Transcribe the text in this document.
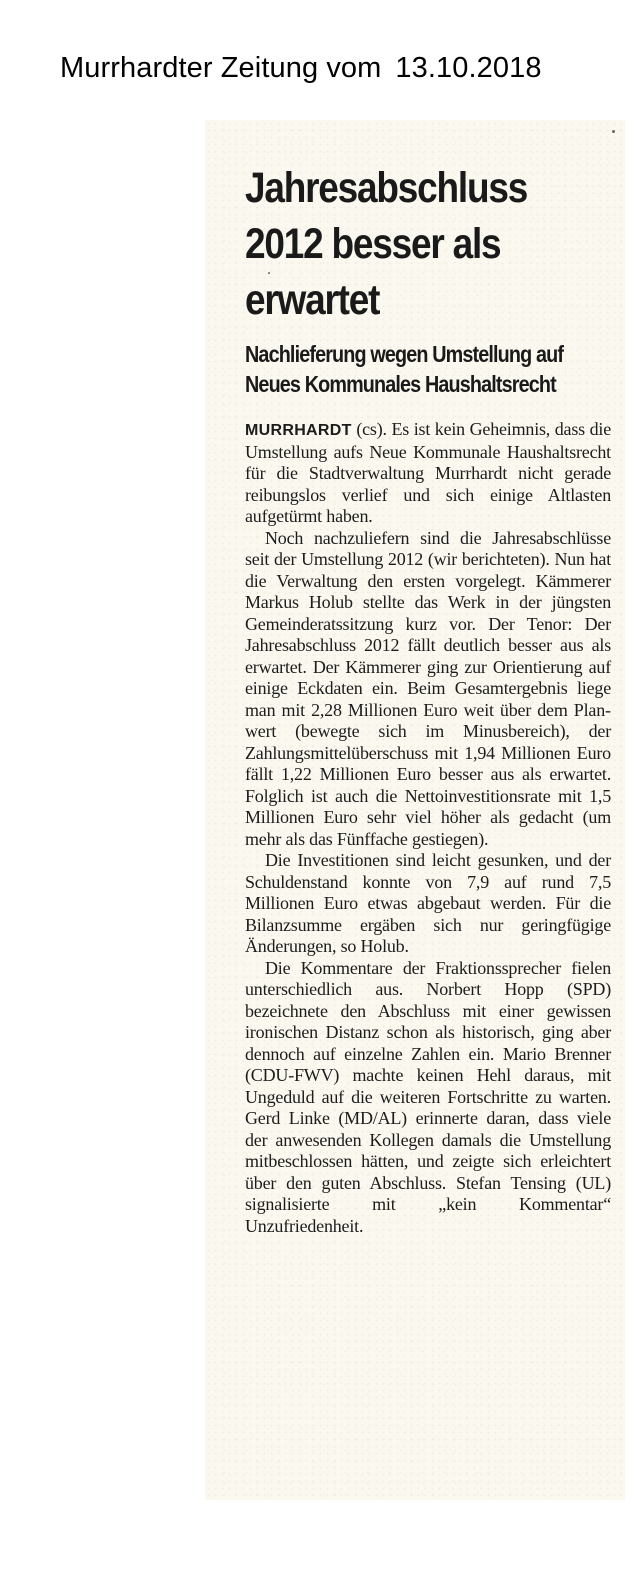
Murrhardter Zeitung vom 13.10.2018
Jahresabschluss
2012 besser als
erwartet
Nachlieferung wegen Umstellung auf
Neues Kommunales Haushaltsrecht

MURRHARDT (cs). Es ist kein Geheimnis, dass die Umstellung aufs Neue Kommunale Haushaltsrecht für die Stadtverwaltung Murrhardt nicht gerade reibungslos verlief und sich einige Altlasten aufgetürmt haben.

Noch nachzuliefern sind die Jahresabschlüsse seit der Umstellung 2012 (wir berichteten). Nun hat die Verwaltung den ersten vorgelegt. Kämmerer Markus Holub stellte das Werk in der jüngsten Gemeinderatssitzung kurz vor. Der Tenor: Der Jahresabschluss 2012 fällt deutlich besser aus als erwartet. Der Kämmerer ging zur Orientierung auf einige Eckdaten ein. Beim Gesamtergebnis liege man mit 2,28 Millionen Euro weit über dem Planwert (bewegte sich im Minusbereich), der Zahlungsmittelüberschuss mit 1,94 Millionen Euro fällt 1,22 Millionen Euro besser aus als erwartet. Folglich ist auch die Nettoinvestitionsrate mit 1,5 Millionen Euro sehr viel höher als gedacht (um mehr als das Fünffache gestiegen).

Die Investitionen sind leicht gesunken, und der Schuldenstand konnte von 7,9 auf rund 7,5 Millionen Euro etwas abgebaut werden. Für die Bilanzsumme ergäben sich nur geringfügige Änderungen, so Holub.

Die Kommentare der Fraktionssprecher fielen unterschiedlich aus. Norbert Hopp (SPD) bezeichnete den Abschluss mit einer gewissen ironischen Distanz schon als historisch, ging aber dennoch auf einzelne Zahlen ein. Mario Brenner (CDU-FWV) machte keinen Hehl daraus, mit Ungeduld auf die weiteren Fortschritte zu warten. Gerd Linke (MD/AL) erinnerte daran, dass viele der anwesenden Kollegen damals die Umstellung mitbeschlossen hätten, und zeigte sich erleichtert über den guten Abschluss. Stefan Tensing (UL) signalisierte mit „kein Kommentar“ Unzufriedenheit.
